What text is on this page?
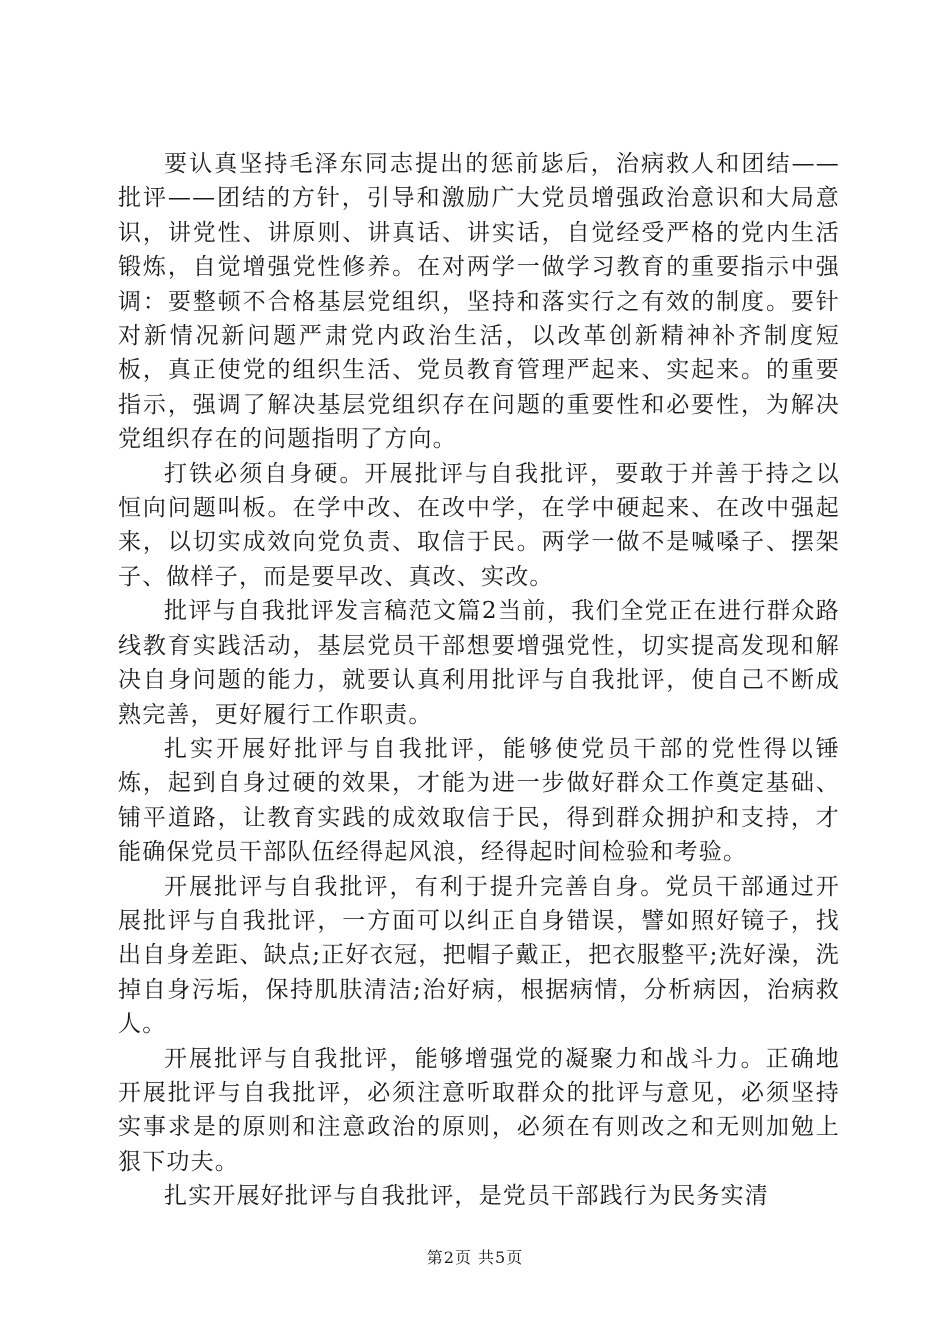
要认真坚持毛泽东同志提出的惩前毖后，治病救人和团结——批评——团结的方针，引导和激励广大党员增强政治意识和大局意识，讲党性、讲原则、讲真话、讲实话，自觉经受严格的党内生活锻炼，自觉增强党性修养。在对两学一做学习教育的重要指示中强调：要整顿不合格基层党组织，坚持和落实行之有效的制度。要针对新情况新问题严肃党内政治生活，以改革创新精神补齐制度短板，真正使党的组织生活、党员教育管理严起来、实起来。的重要指示，强调了解决基层党组织存在问题的重要性和必要性，为解决党组织存在的问题指明了方向。

打铁必须自身硬。开展批评与自我批评，要敢于并善于持之以恒向问题叫板。在学中改、在改中学，在学中硬起来、在改中强起来，以切实成效向党负责、取信于民。两学一做不是喊嗓子、摆架子、做样子，而是要早改、真改、实改。

批评与自我批评发言稿范文篇2当前，我们全党正在进行群众路线教育实践活动，基层党员干部想要增强党性，切实提高发现和解决自身问题的能力，就要认真利用批评与自我批评，使自己不断成熟完善，更好履行工作职责。

扎实开展好批评与自我批评，能够使党员干部的党性得以锤炼，起到自身过硬的效果，才能为进一步做好群众工作奠定基础、铺平道路，让教育实践的成效取信于民，得到群众拥护和支持，才能确保党员干部队伍经得起风浪，经得起时间检验和考验。

开展批评与自我批评，有利于提升完善自身。党员干部通过开展批评与自我批评，一方面可以纠正自身错误，譬如照好镜子，找出自身差距、缺点;正好衣冠，把帽子戴正，把衣服整平;洗好澡，洗掉自身污垢，保持肌肤清洁;治好病，根据病情，分析病因，治病救人。

开展批评与自我批评，能够增强党的凝聚力和战斗力。正确地开展批评与自我批评，必须注意听取群众的批评与意见，必须坚持实事求是的原则和注意政治的原则，必须在有则改之和无则加勉上狠下功夫。

扎实开展好批评与自我批评，是党员干部践行为民务实清

第2页 共5页
